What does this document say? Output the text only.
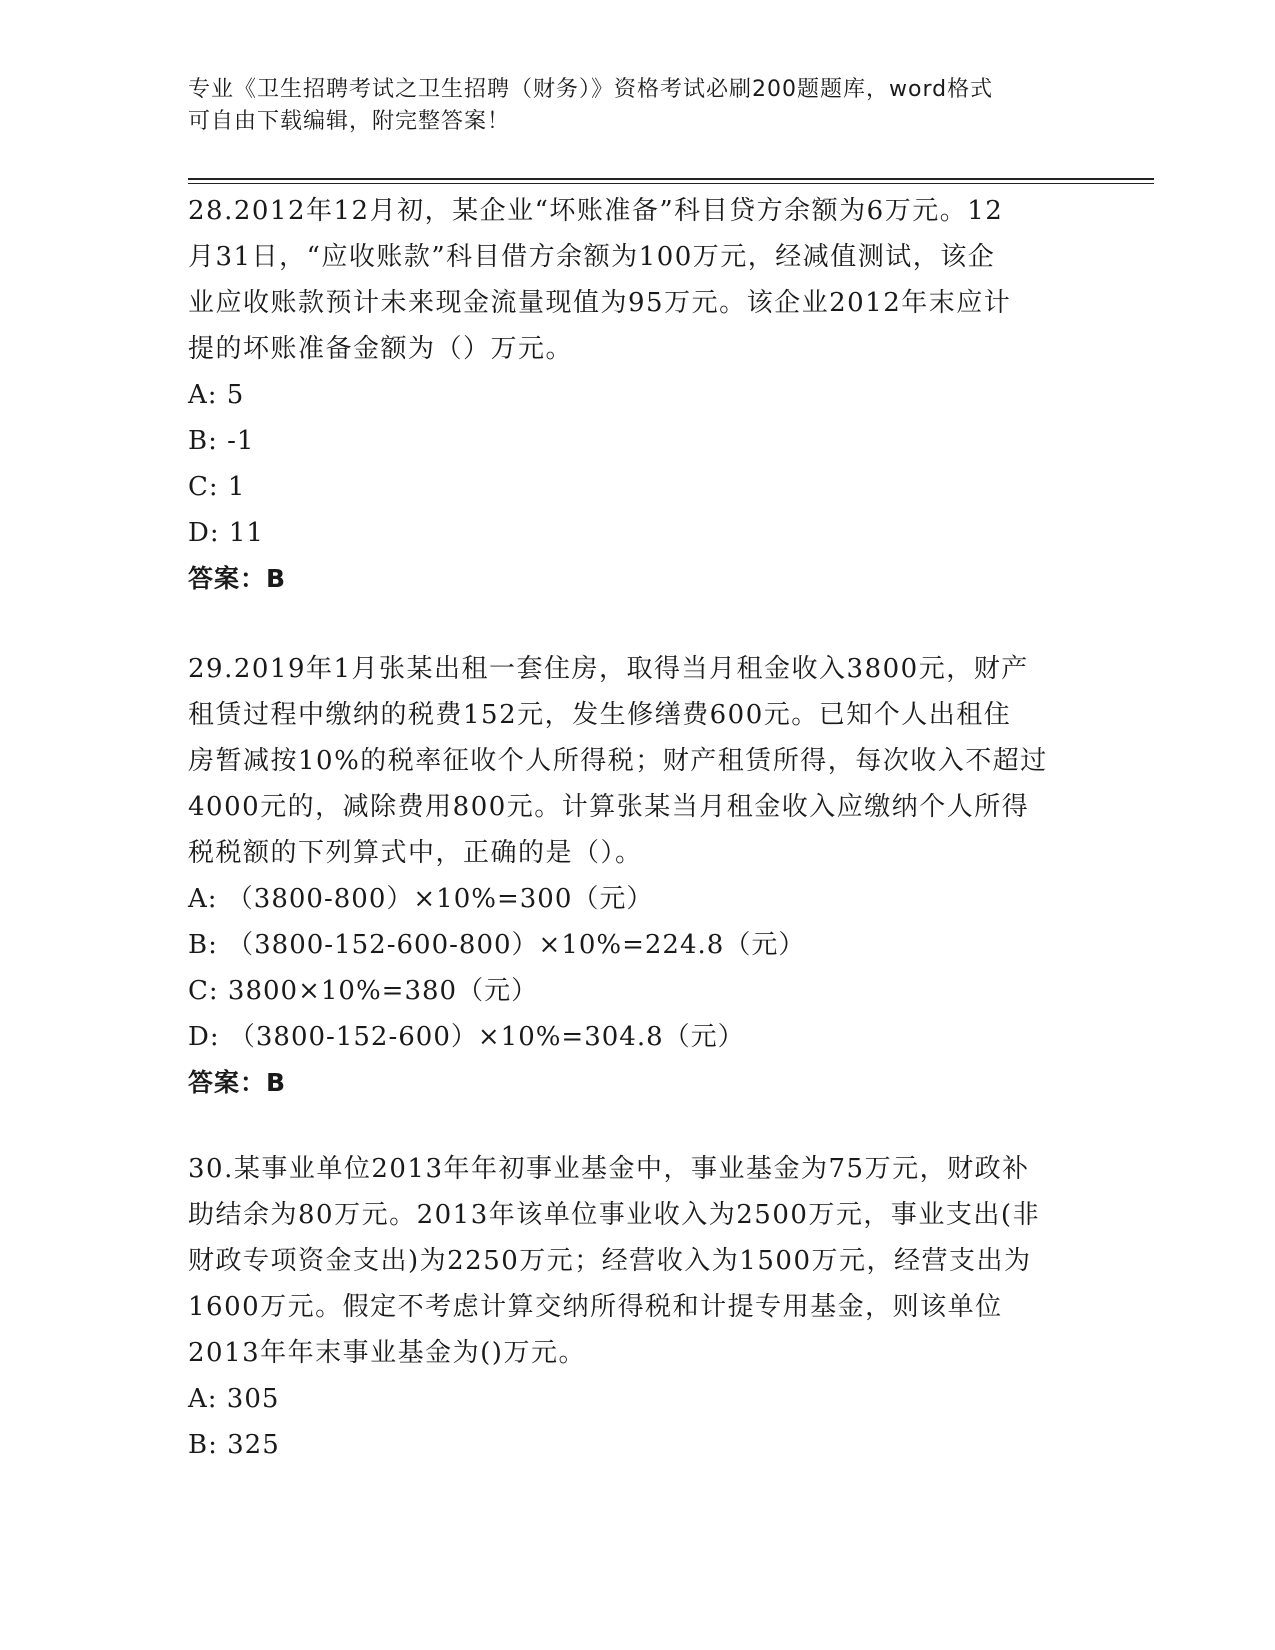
专业《卫生招聘考试之卫生招聘（财务）》资格考试必刷200题题库，word格式
可自由下载编辑，附完整答案！
28.2012年12月初，某企业“坏账准备”科目贷方余额为6万元。12
月31日，“应收账款”科目借方余额为100万元，经减值测试，该企
业应收账款预计未来现金流量现值为95万元。该企业2012年末应计
提的坏账准备金额为（）万元。
A: 5
B: -1
C: 1
D: 11
答案：B
29.2019年1月张某出租一套住房，取得当月租金收入3800元，财产
租赁过程中缴纳的税费152元，发生修缮费600元。已知个人出租住
房暂减按10%的税率征收个人所得税；财产租赁所得，每次收入不超过
4000元的，减除费用800元。计算张某当月租金收入应缴纳个人所得
税税额的下列算式中，正确的是（）。
A: （3800-800）×10%=300（元）
B: （3800-152-600-800）×10%=224.8（元）
C: 3800×10%=380（元）
D: （3800-152-600）×10%=304.8（元）
答案：B
30.某事业单位2013年年初事业基金中，事业基金为75万元，财政补
助结余为80万元。2013年该单位事业收入为2500万元，事业支出(非
财政专项资金支出)为2250万元；经营收入为1500万元，经营支出为
1600万元。假定不考虑计算交纳所得税和计提专用基金，则该单位
2013年年末事业基金为()万元。
A: 305
B: 325
